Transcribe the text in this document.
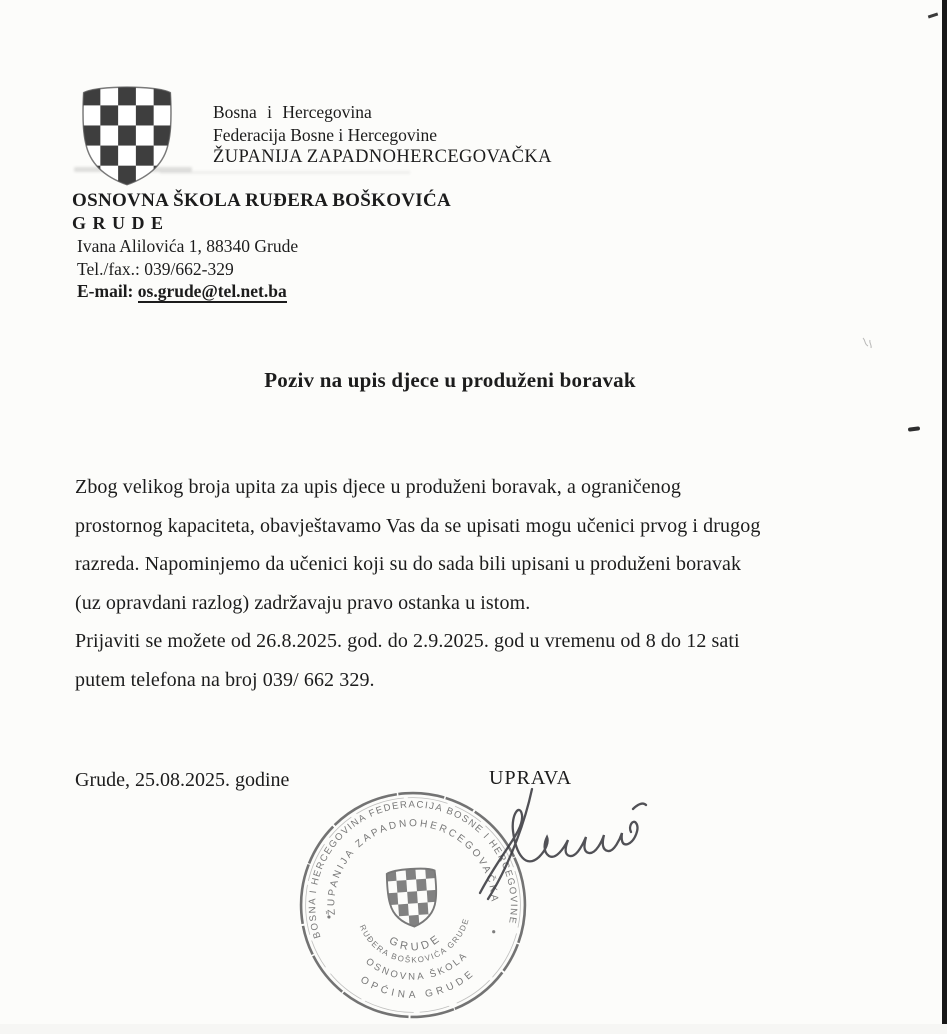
Bosna i Hercegovina
Federacija Bosne i Hercegovine
ŽUPANIJA ZAPADNOHERCEGOVAČKA
OSNOVNA ŠKOLA RUĐERA BOŠKOVIĆA
G R U D E
Ivana Alilovića 1, 88340 Grude
Tel./fax.: 039/662-329
E-mail: os.grude@tel.net.ba
Poziv na upis djece u produženi boravak
Zbog velikog broja upita za upis djece u produženi boravak, a ograničenog
prostornog kapaciteta, obavještavamo Vas da se upisati mogu učenici prvog i drugog
razreda. Napominjemo da učenici koji su do sada bili upisani u produženi boravak
(uz opravdani razlog) zadržavaju pravo ostanka u istom.
Prijaviti se možete od 26.8.2025. god. do 2.9.2025. god u vremenu od 8 do 12 sati
putem telefona na broj 039/ 662 329.
Grude, 25.08.2025. godine	UPRAVA
BOSNA I HERCEGOVINA FEDERACIJA BOSNE I HERCEGOVINE
ŽUPANIJA ZAPADNOHERCEGOVAČKA
OPĆINA GRUDE
OSNOVNA ŠKOLA
RUĐERA BOŠKOVIĆA GRUDE
GRUDE
